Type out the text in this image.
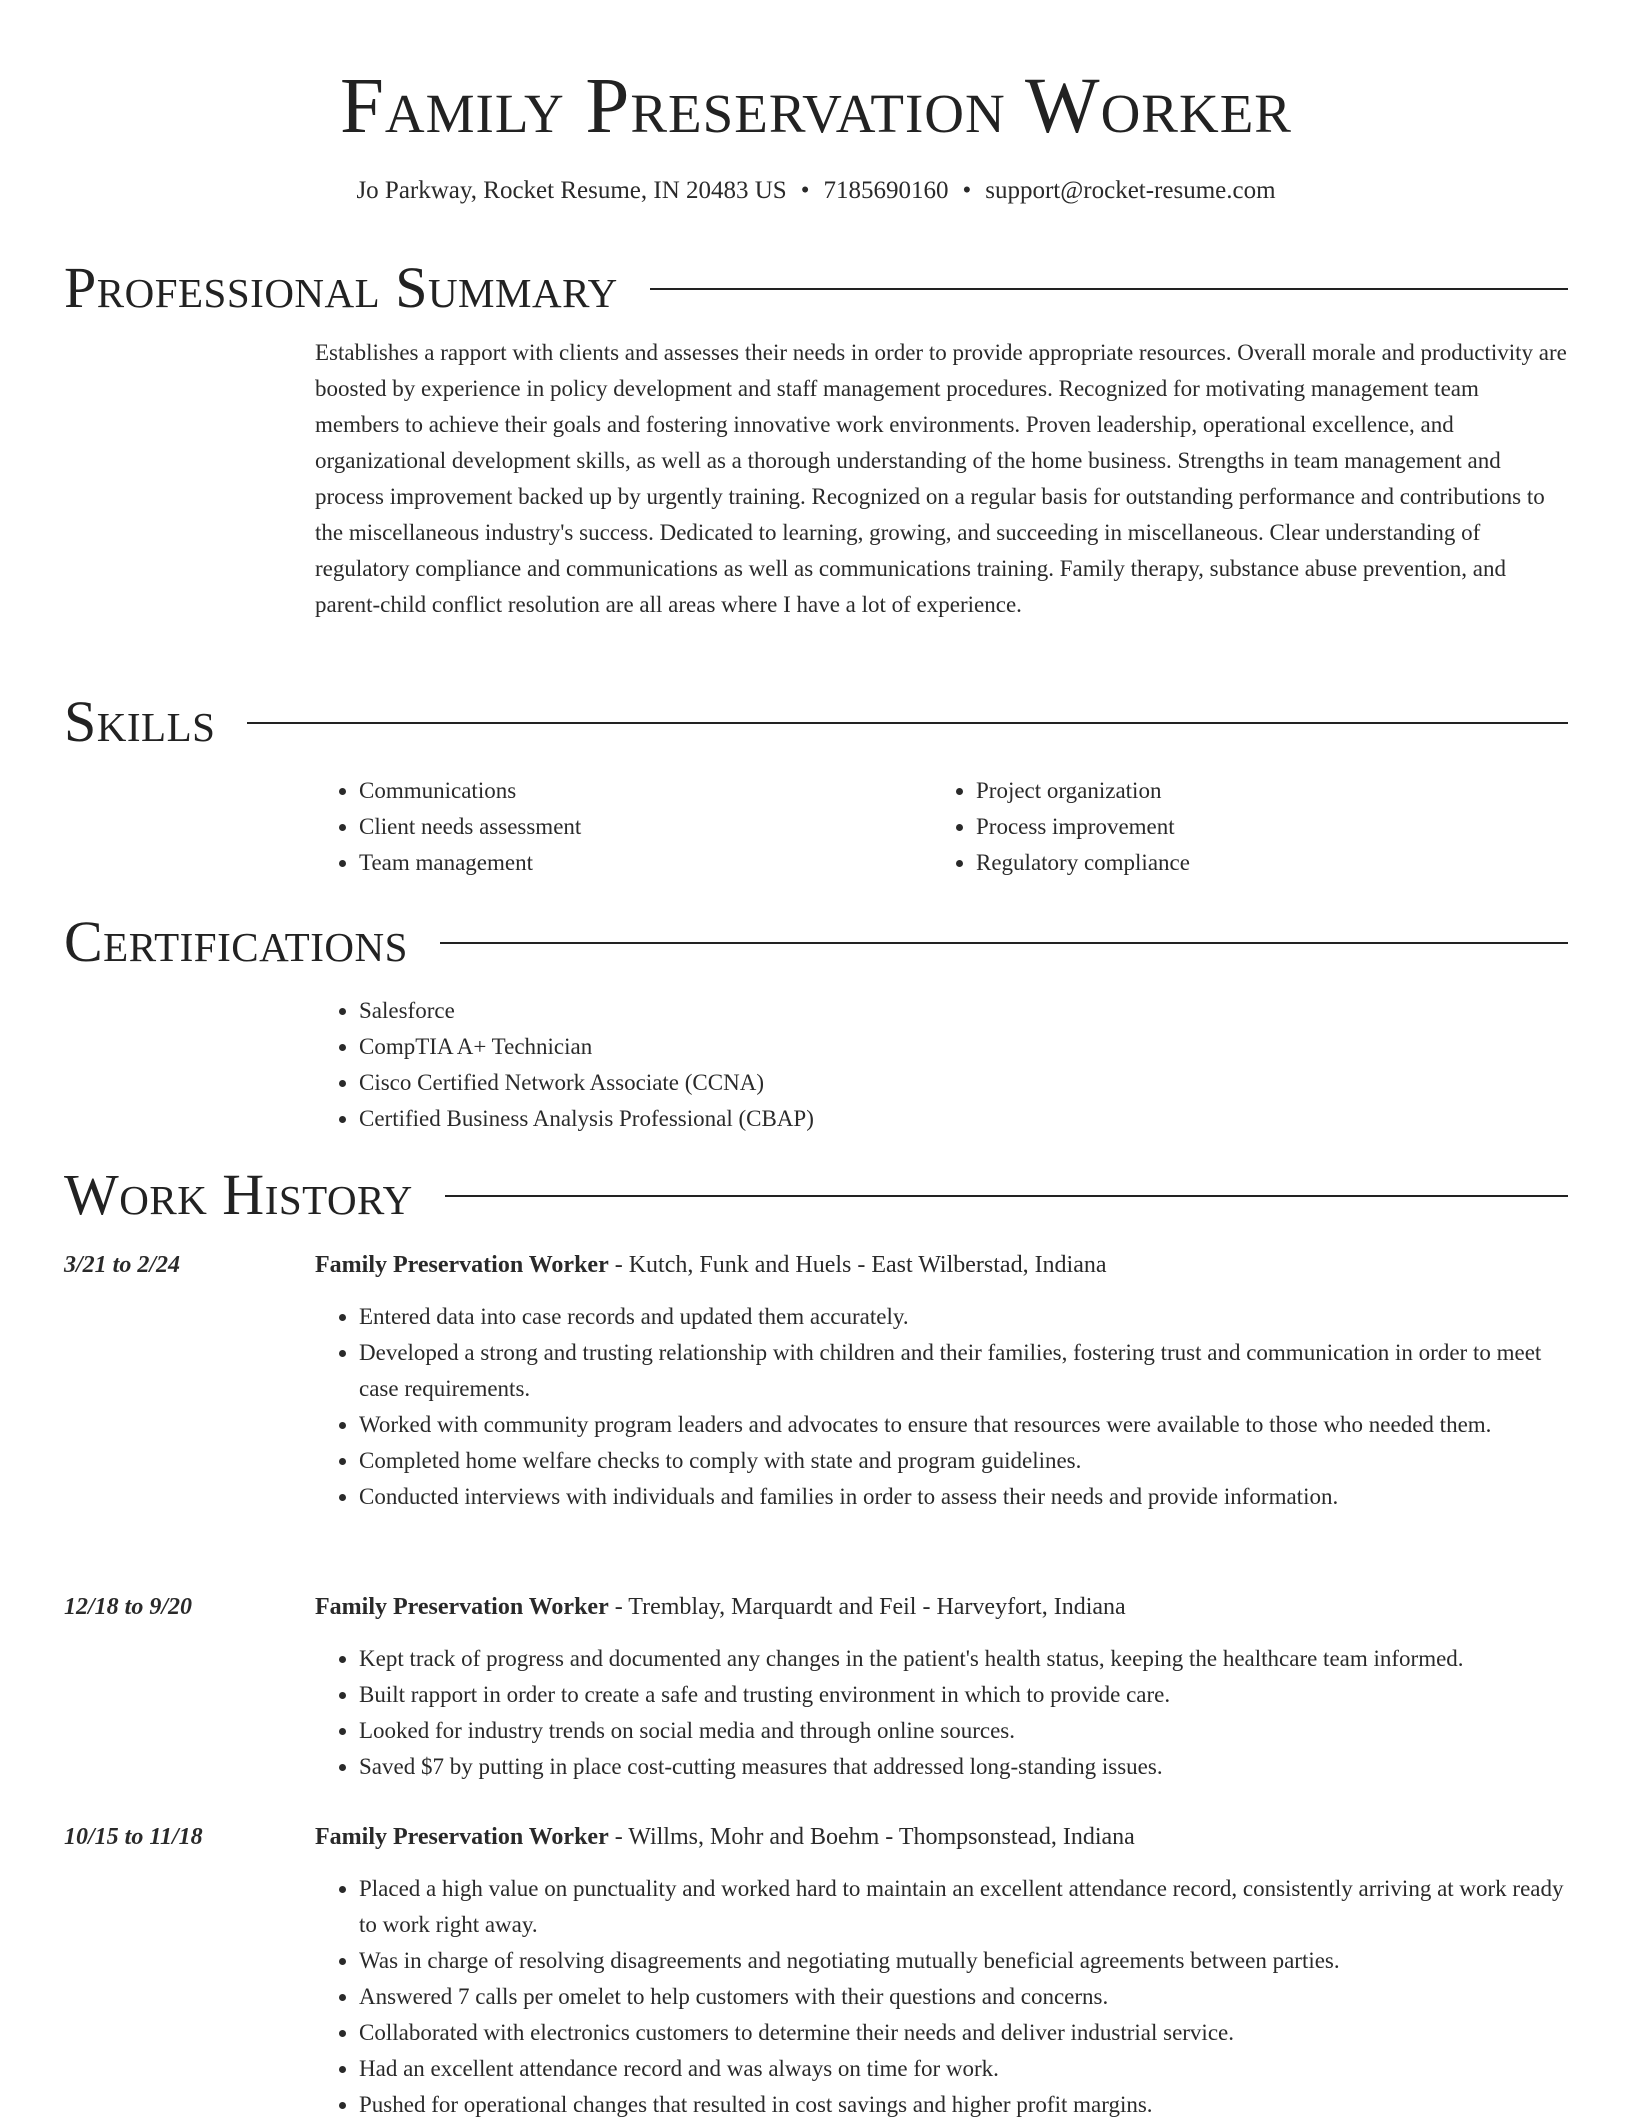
Family Preservation Worker
Jo Parkway, Rocket Resume, IN 20483 US • 7185690160 • support@rocket-resume.com
Professional Summary
Establishes a rapport with clients and assesses their needs in order to provide appropriate resources. Overall morale and productivity are boosted by experience in policy development and staff management procedures. Recognized for motivating management team members to achieve their goals and fostering innovative work environments. Proven leadership, operational excellence, and organizational development skills, as well as a thorough understanding of the home business. Strengths in team management and process improvement backed up by urgently training. Recognized on a regular basis for outstanding performance and contributions to the miscellaneous industry's success. Dedicated to learning, growing, and succeeding in miscellaneous. Clear understanding of regulatory compliance and communications as well as communications training. Family therapy, substance abuse prevention, and parent-child conflict resolution are all areas where I have a lot of experience.
Skills
• Communications
• Client needs assessment
• Team management
• Project organization
• Process improvement
• Regulatory compliance
Certifications
• Salesforce
• CompTIA A+ Technician
• Cisco Certified Network Associate (CCNA)
• Certified Business Analysis Professional (CBAP)
Work History
3/21 to 2/24	Family Preservation Worker - Kutch, Funk and Huels - East Wilberstad, Indiana
• Entered data into case records and updated them accurately.
• Developed a strong and trusting relationship with children and their families, fostering trust and communication in order to meet case requirements.
• Worked with community program leaders and advocates to ensure that resources were available to those who needed them.
• Completed home welfare checks to comply with state and program guidelines.
• Conducted interviews with individuals and families in order to assess their needs and provide information.
12/18 to 9/20	Family Preservation Worker - Tremblay, Marquardt and Feil - Harveyfort, Indiana
• Kept track of progress and documented any changes in the patient's health status, keeping the healthcare team informed.
• Built rapport in order to create a safe and trusting environment in which to provide care.
• Looked for industry trends on social media and through online sources.
• Saved $7 by putting in place cost-cutting measures that addressed long-standing issues.
10/15 to 11/18	Family Preservation Worker - Willms, Mohr and Boehm - Thompsonstead, Indiana
• Placed a high value on punctuality and worked hard to maintain an excellent attendance record, consistently arriving at work ready to work right away.
• Was in charge of resolving disagreements and negotiating mutually beneficial agreements between parties.
• Answered 7 calls per omelet to help customers with their questions and concerns.
• Collaborated with electronics customers to determine their needs and deliver industrial service.
• Had an excellent attendance record and was always on time for work.
• Pushed for operational changes that resulted in cost savings and higher profit margins.
